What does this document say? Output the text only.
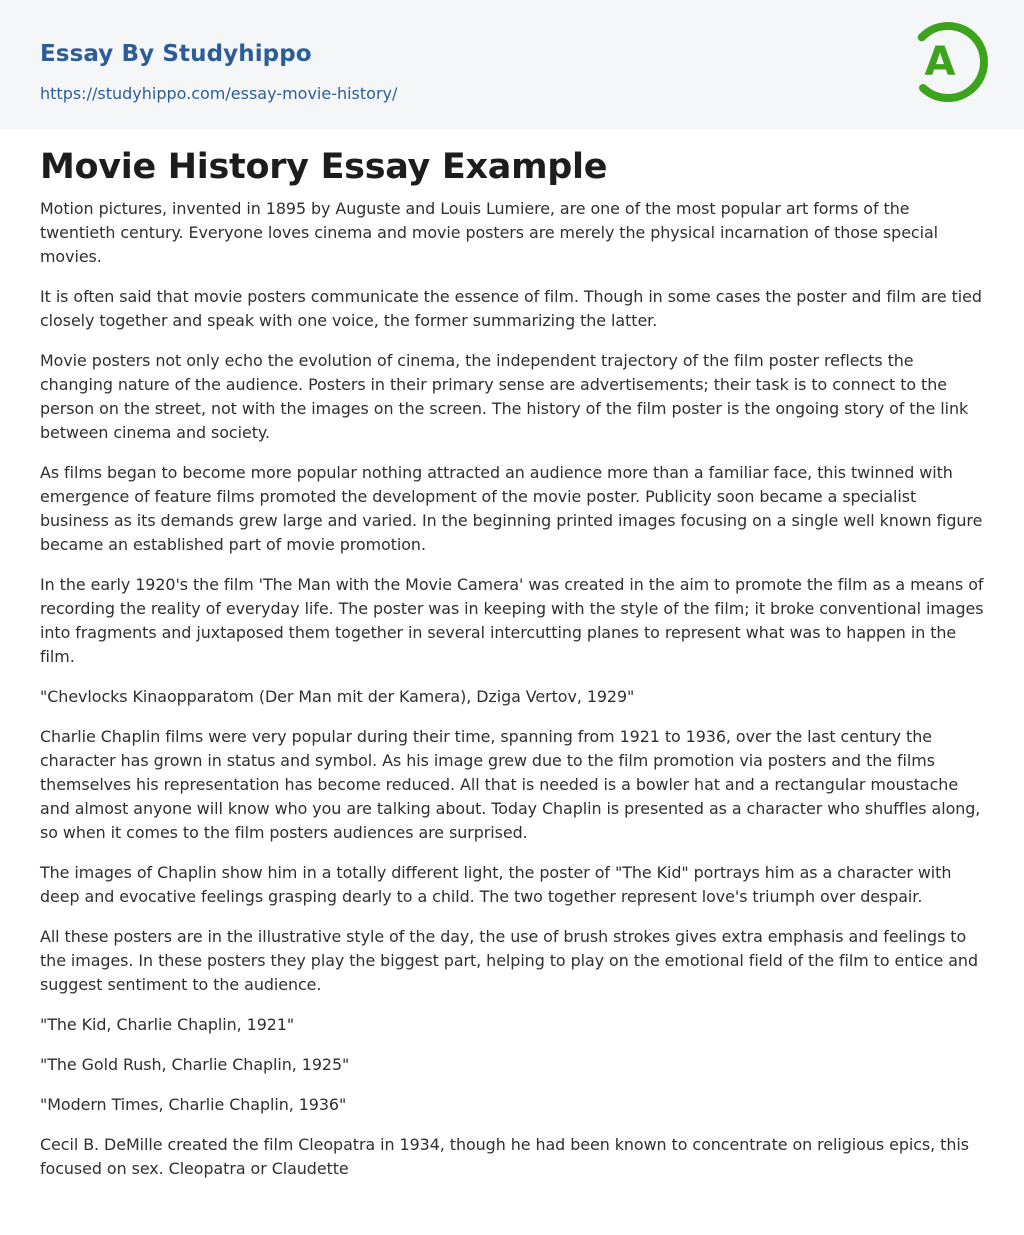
Essay By Studyhippo
https://studyhippo.com/essay-movie-history/
A
Movie History Essay Example

Motion pictures, invented in 1895 by Auguste and Louis Lumiere, are one of the most popular art forms of the twentieth century. Everyone loves cinema and movie posters are merely the physical incarnation of those special movies.

It is often said that movie posters communicate the essence of film. Though in some cases the poster and film are tied closely together and speak with one voice, the former summarizing the latter.

Movie posters not only echo the evolution of cinema, the independent trajectory of the film poster reflects the changing nature of the audience. Posters in their primary sense are advertisements; their task is to connect to the person on the street, not with the images on the screen. The history of the film poster is the ongoing story of the link between cinema and society.

As films began to become more popular nothing attracted an audience more than a familiar face, this twinned with emergence of feature films promoted the development of the movie poster. Publicity soon became a specialist business as its demands grew large and varied. In the beginning printed images focusing on a single well known figure became an established part of movie promotion.

In the early 1920's the film 'The Man with the Movie Camera' was created in the aim to promote the film as a means of recording the reality of everyday life. The poster was in keeping with the style of the film; it broke conventional images into fragments and juxtaposed them together in several intercutting planes to represent what was to happen in the film.

"Chevlocks Kinaopparatom (Der Man mit der Kamera), Dziga Vertov, 1929"

Charlie Chaplin films were very popular during their time, spanning from 1921 to 1936, over the last century the character has grown in status and symbol. As his image grew due to the film promotion via posters and the films themselves his representation has become reduced. All that is needed is a bowler hat and a rectangular moustache and almost anyone will know who you are talking about. Today Chaplin is presented as a character who shuffles along, so when it comes to the film posters audiences are surprised.

The images of Chaplin show him in a totally different light, the poster of "The Kid" portrays him as a character with deep and evocative feelings grasping dearly to a child. The two together represent love's triumph over despair.

All these posters are in the illustrative style of the day, the use of brush strokes gives extra emphasis and feelings to the images. In these posters they play the biggest part, helping to play on the emotional field of the film to entice and suggest sentiment to the audience.

"The Kid, Charlie Chaplin, 1921"

"The Gold Rush, Charlie Chaplin, 1925"

"Modern Times, Charlie Chaplin, 1936"

Cecil B. DeMille created the film Cleopatra in 1934, though he had been known to concentrate on religious epics, this focused on sex. Cleopatra or Claudette
